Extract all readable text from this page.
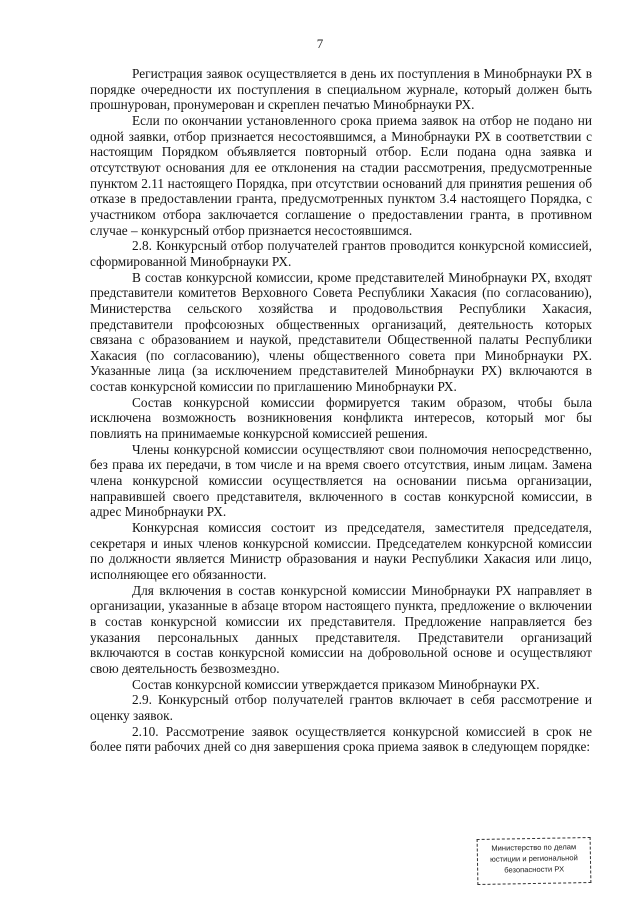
7

Регистрация заявок осуществляется в день их поступления в Минобрнауки РХ в порядке очередности их поступления в специальном журнале, который должен быть прошнурован, пронумерован и скреплен печатью Минобрнауки РХ.

Если по окончании установленного срока приема заявок на отбор не подано ни одной заявки, отбор признается несостоявшимся, а Минобрнауки РХ в соответствии с настоящим Порядком объявляется повторный отбор. Если подана одна заявка и отсутствуют основания для ее отклонения на стадии рассмотрения, предусмотренные пунктом 2.11 настоящего Порядка, при отсутствии оснований для принятия решения об отказе в предоставлении гранта, предусмотренных пунктом 3.4 настоящего Порядка, с участником отбора заключается соглашение о предоставлении гранта, в противном случае – конкурсный отбор признается несостоявшимся.

2.8. Конкурсный отбор получателей грантов проводится конкурсной комиссией, сформированной Минобрнауки РХ.

В состав конкурсной комиссии, кроме представителей Минобрнауки РХ, входят представители комитетов Верховного Совета Республики Хакасия (по согласованию), Министерства сельского хозяйства и продовольствия Республики Хакасия, представители профсоюзных общественных организаций, деятельность которых связана с образованием и наукой, представители Общественной палаты Республики Хакасия (по согласованию), члены общественного совета при Минобрнауки РХ. Указанные лица (за исключением представителей Минобрнауки РХ) включаются в состав конкурсной комиссии по приглашению Минобрнауки РХ.

Состав конкурсной комиссии формируется таким образом, чтобы была исключена возможность возникновения конфликта интересов, который мог бы повлиять на принимаемые конкурсной комиссией решения.

Члены конкурсной комиссии осуществляют свои полномочия непосредственно, без права их передачи, в том числе и на время своего отсутствия, иным лицам. Замена члена конкурсной комиссии осуществляется на основании письма организации, направившей своего представителя, включенного в состав конкурсной комиссии, в адрес Минобрнауки РХ.

Конкурсная комиссия состоит из председателя, заместителя председателя, секретаря и иных членов конкурсной комиссии. Председателем конкурсной комиссии по должности является Министр образования и науки Республики Хакасия или лицо, исполняющее его обязанности.

Для включения в состав конкурсной комиссии Минобрнауки РХ направляет в организации, указанные в абзаце втором настоящего пункта, предложение о включении в состав конкурсной комиссии их представителя. Предложение направляется без указания персональных данных представителя. Представители организаций включаются в состав конкурсной комиссии на добровольной основе и осуществляют свою деятельность безвозмездно.

Состав конкурсной комиссии утверждается приказом Минобрнауки РХ.

2.9. Конкурсный отбор получателей грантов включает в себя рассмотрение и оценку заявок.

2.10. Рассмотрение заявок осуществляется конкурсной комиссией в срок не более пяти рабочих дней со дня завершения срока приема заявок в следующем порядке:

Министерство по делам
юстиции и региональной
безопасности РХ
